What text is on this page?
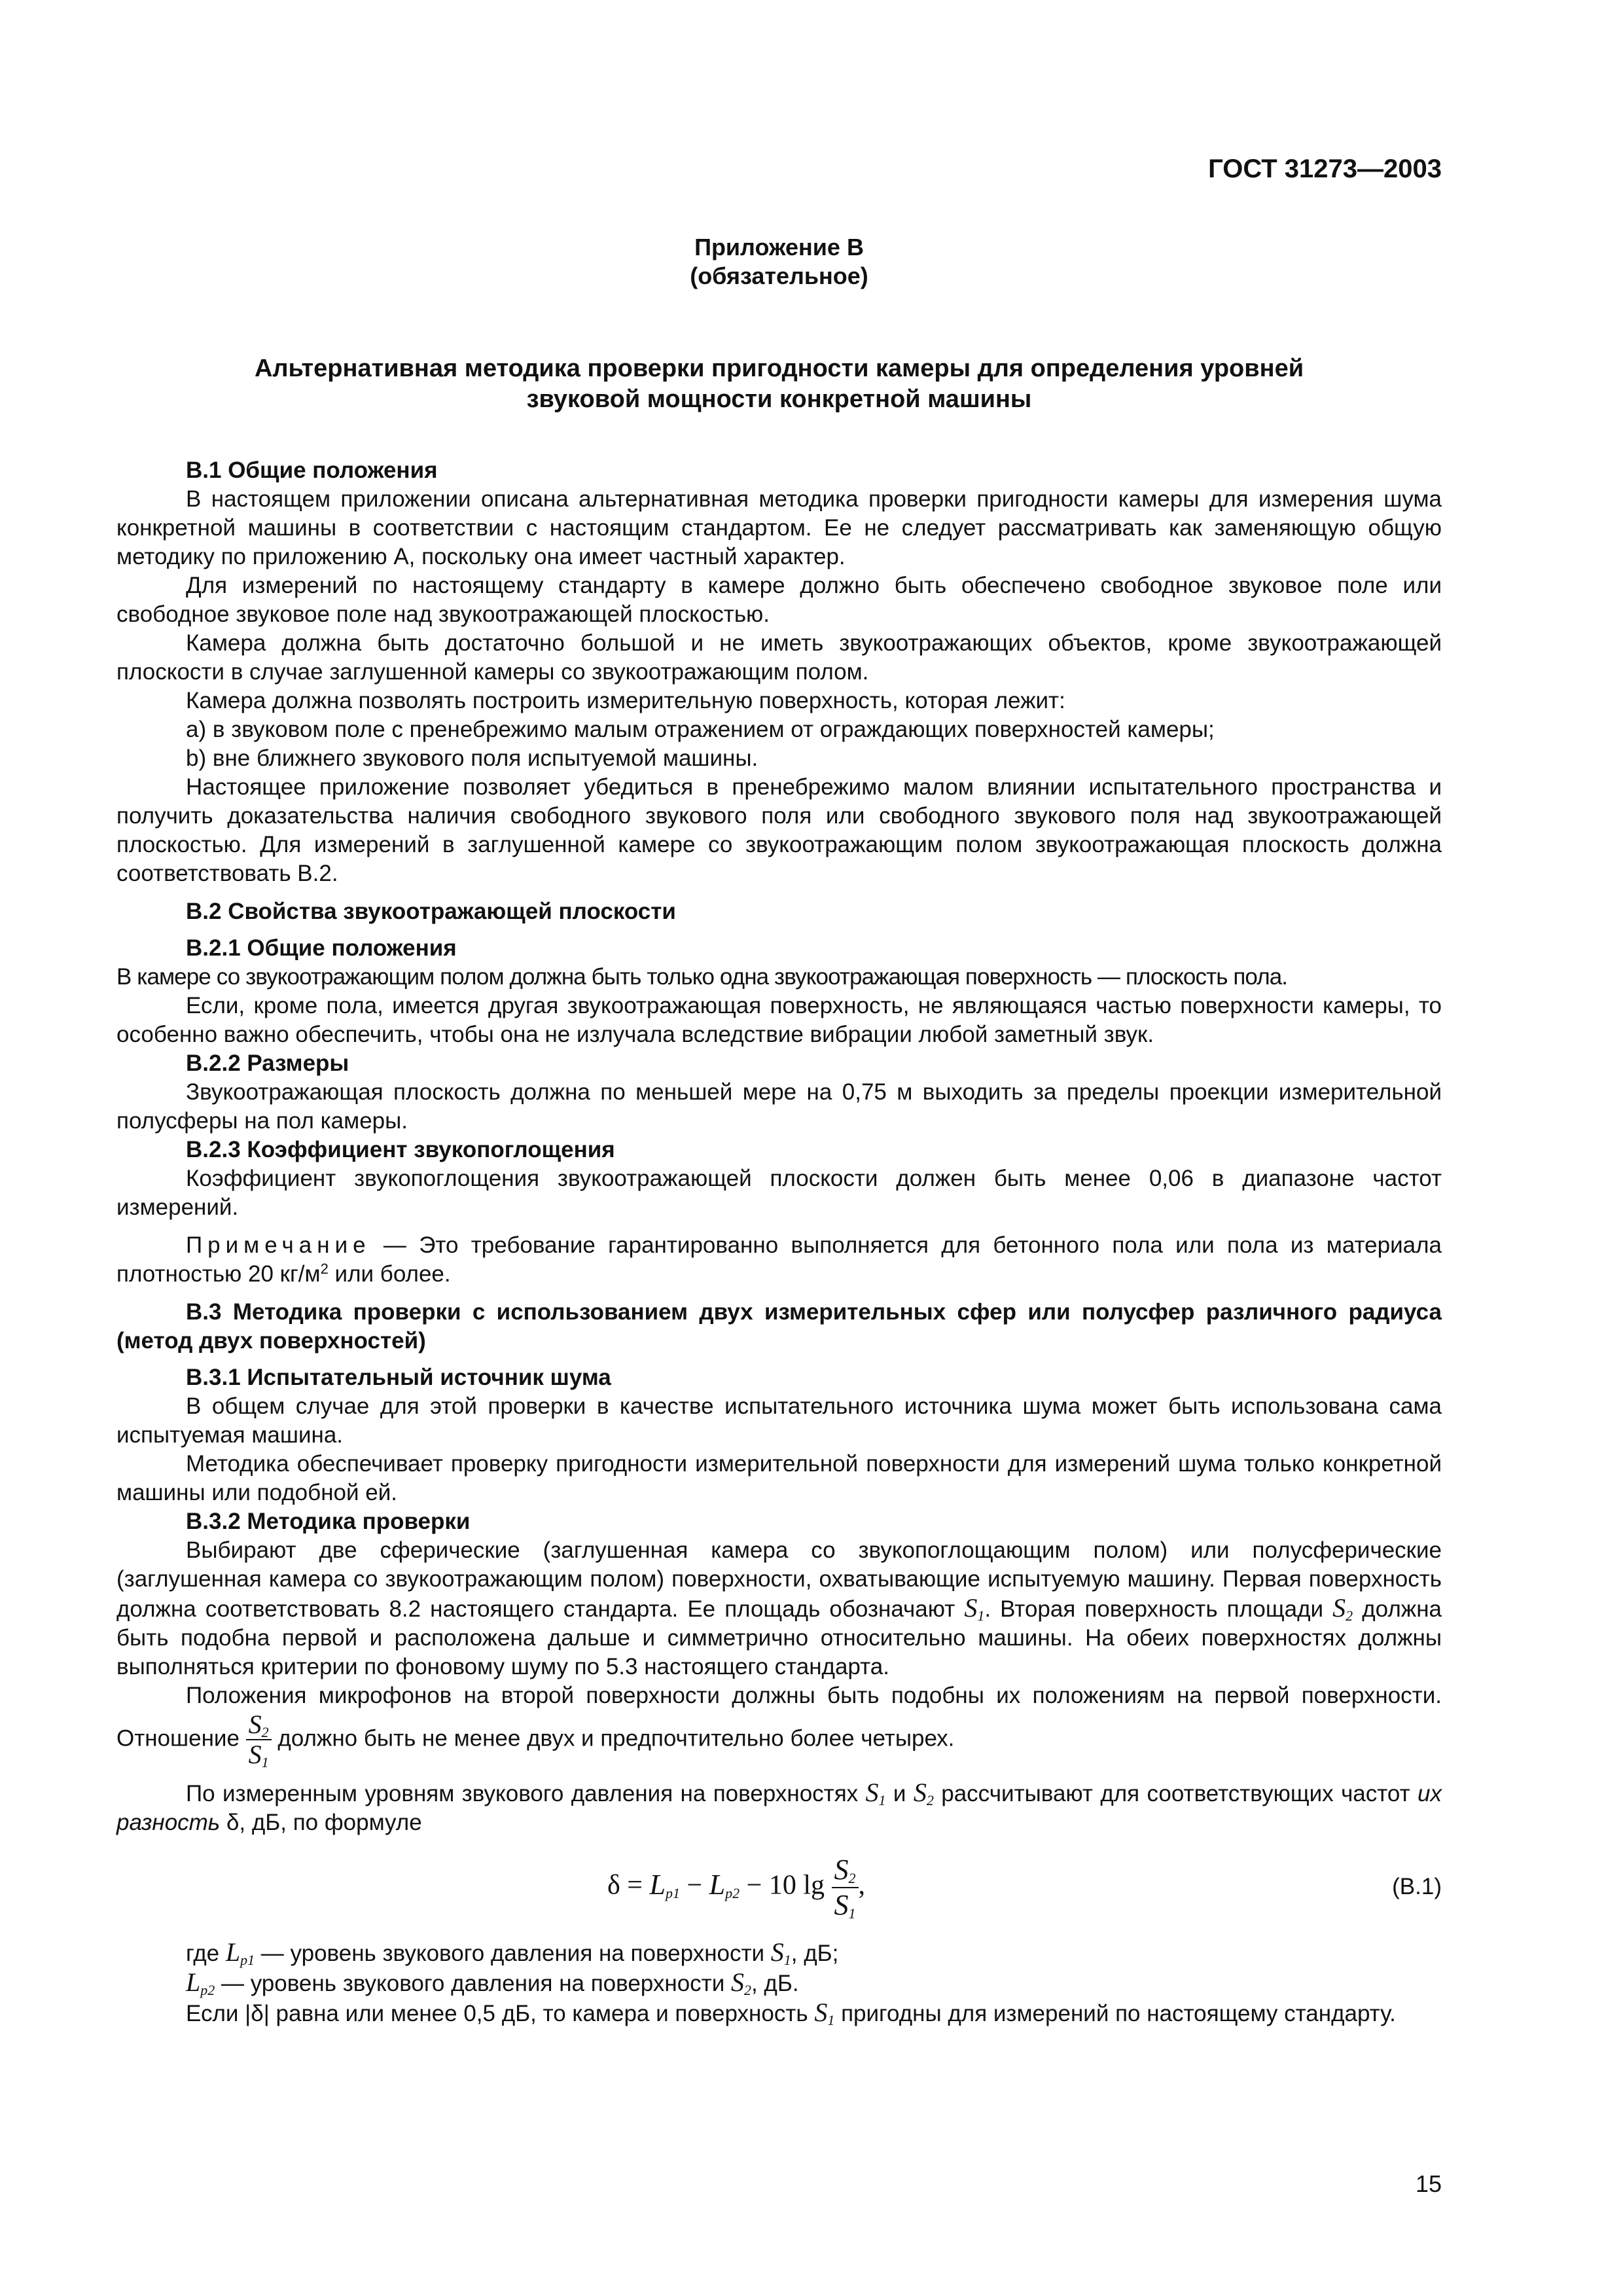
ГОСТ 31273—2003
Приложение В
(обязательное)
Альтернативная методика проверки пригодности камеры для определения уровней
звуковой мощности конкретной машины

В.1 Общие положения

В настоящем приложении описана альтернативная методика проверки пригодности камеры для измерения шума конкретной машины в соответствии с настоящим стандартом. Ее не следует рассматривать как заменяющую общую методику по приложению А, поскольку она имеет частный характер.

Для измерений по настоящему стандарту в камере должно быть обеспечено свободное звуковое поле или свободное звуковое поле над звукоотражающей плоскостью.

Камера должна быть достаточно большой и не иметь звукоотражающих объектов, кроме звукоотражающей плоскости в случае заглушенной камеры со звукоотражающим полом.

Камера должна позволять построить измерительную поверхность, которая лежит:

a) в звуковом поле с пренебрежимо малым отражением от ограждающих поверхностей камеры;

b) вне ближнего звукового поля испытуемой машины.

Настоящее приложение позволяет убедиться в пренебрежимо малом влиянии испытательного пространства и получить доказательства наличия свободного звукового поля или свободного звукового поля над звукоотражающей плоскостью. Для измерений в заглушенной камере со звукоотражающим полом звукоотражающая плоскость должна соответствовать В.2.

В.2 Свойства звукоотражающей плоскости

В.2.1 Общие положения

В камере со звукоотражающим полом должна быть только одна звукоотражающая поверхность — плоскость пола.

Если, кроме пола, имеется другая звукоотражающая поверхность, не являющаяся частью поверхности камеры, то особенно важно обеспечить, чтобы она не излучала вследствие вибрации любой заметный звук.

В.2.2 Размеры

Звукоотражающая плоскость должна по меньшей мере на 0,75 м выходить за пределы проекции измерительной полусферы на пол камеры.

В.2.3 Коэффициент звукопоглощения

Коэффициент звукопоглощения звукоотражающей плоскости должен быть менее 0,06 в диапазоне частот измерений.

Примечание — Это требование гарантированно выполняется для бетонного пола или пола из материала плотностью 20 $кг/м^2$ или более.

В.3 Методика проверки с использованием двух измерительных сфер или полусфер различного радиуса (метод двух поверхностей)

В.3.1 Испытательный источник шума

В общем случае для этой проверки в качестве испытательного источника шума может быть использована сама испытуемая машина.

Методика обеспечивает проверку пригодности измерительной поверхности для измерений шума только конкретной машины или подобной ей.

В.3.2 Методика проверки

Выбирают две сферические (заглушенная камера со звукопоглощающим полом) или полусферические (заглушенная камера со звукоотражающим полом) поверхности, охватывающие испытуемую машину. Первая поверхность должна соответствовать 8.2 настоящего стандарта. Ее площадь обозначают $S_1$. Вторая поверхность площади $S_2$ должна быть подобна первой и расположена дальше и симметрично относительно машины. На обеих поверхностях должны выполняться критерии по фоновому шуму по 5.3 настоящего стандарта.

Положения микрофонов на второй поверхности должны быть подобны их положениям на первой поверхности. Отношение $\frac{S_2}{S_1}$ должно быть не менее двух и предпочтительно более четырех.

По измеренным уровням звукового давления на поверхностях $S_1$ и $S_2$ рассчитывают для соответствующих частот их разность δ, дБ, по формуле

$\delta = L_{p1} - L_{p2} - 10$ $\lg \frac{S_2}{S_1}$ ,	(В.1)

где $L_{p1}$ — уровень звукового давления на поверхности $S_1$, дБ;

$L_{p2}$ — уровень звукового давления на поверхности $S_2$, дБ.

Если |δ| равна или менее 0,5 дБ, то камера и поверхность $S_1$ пригодны для измерений по настоящему стандарту.

15
